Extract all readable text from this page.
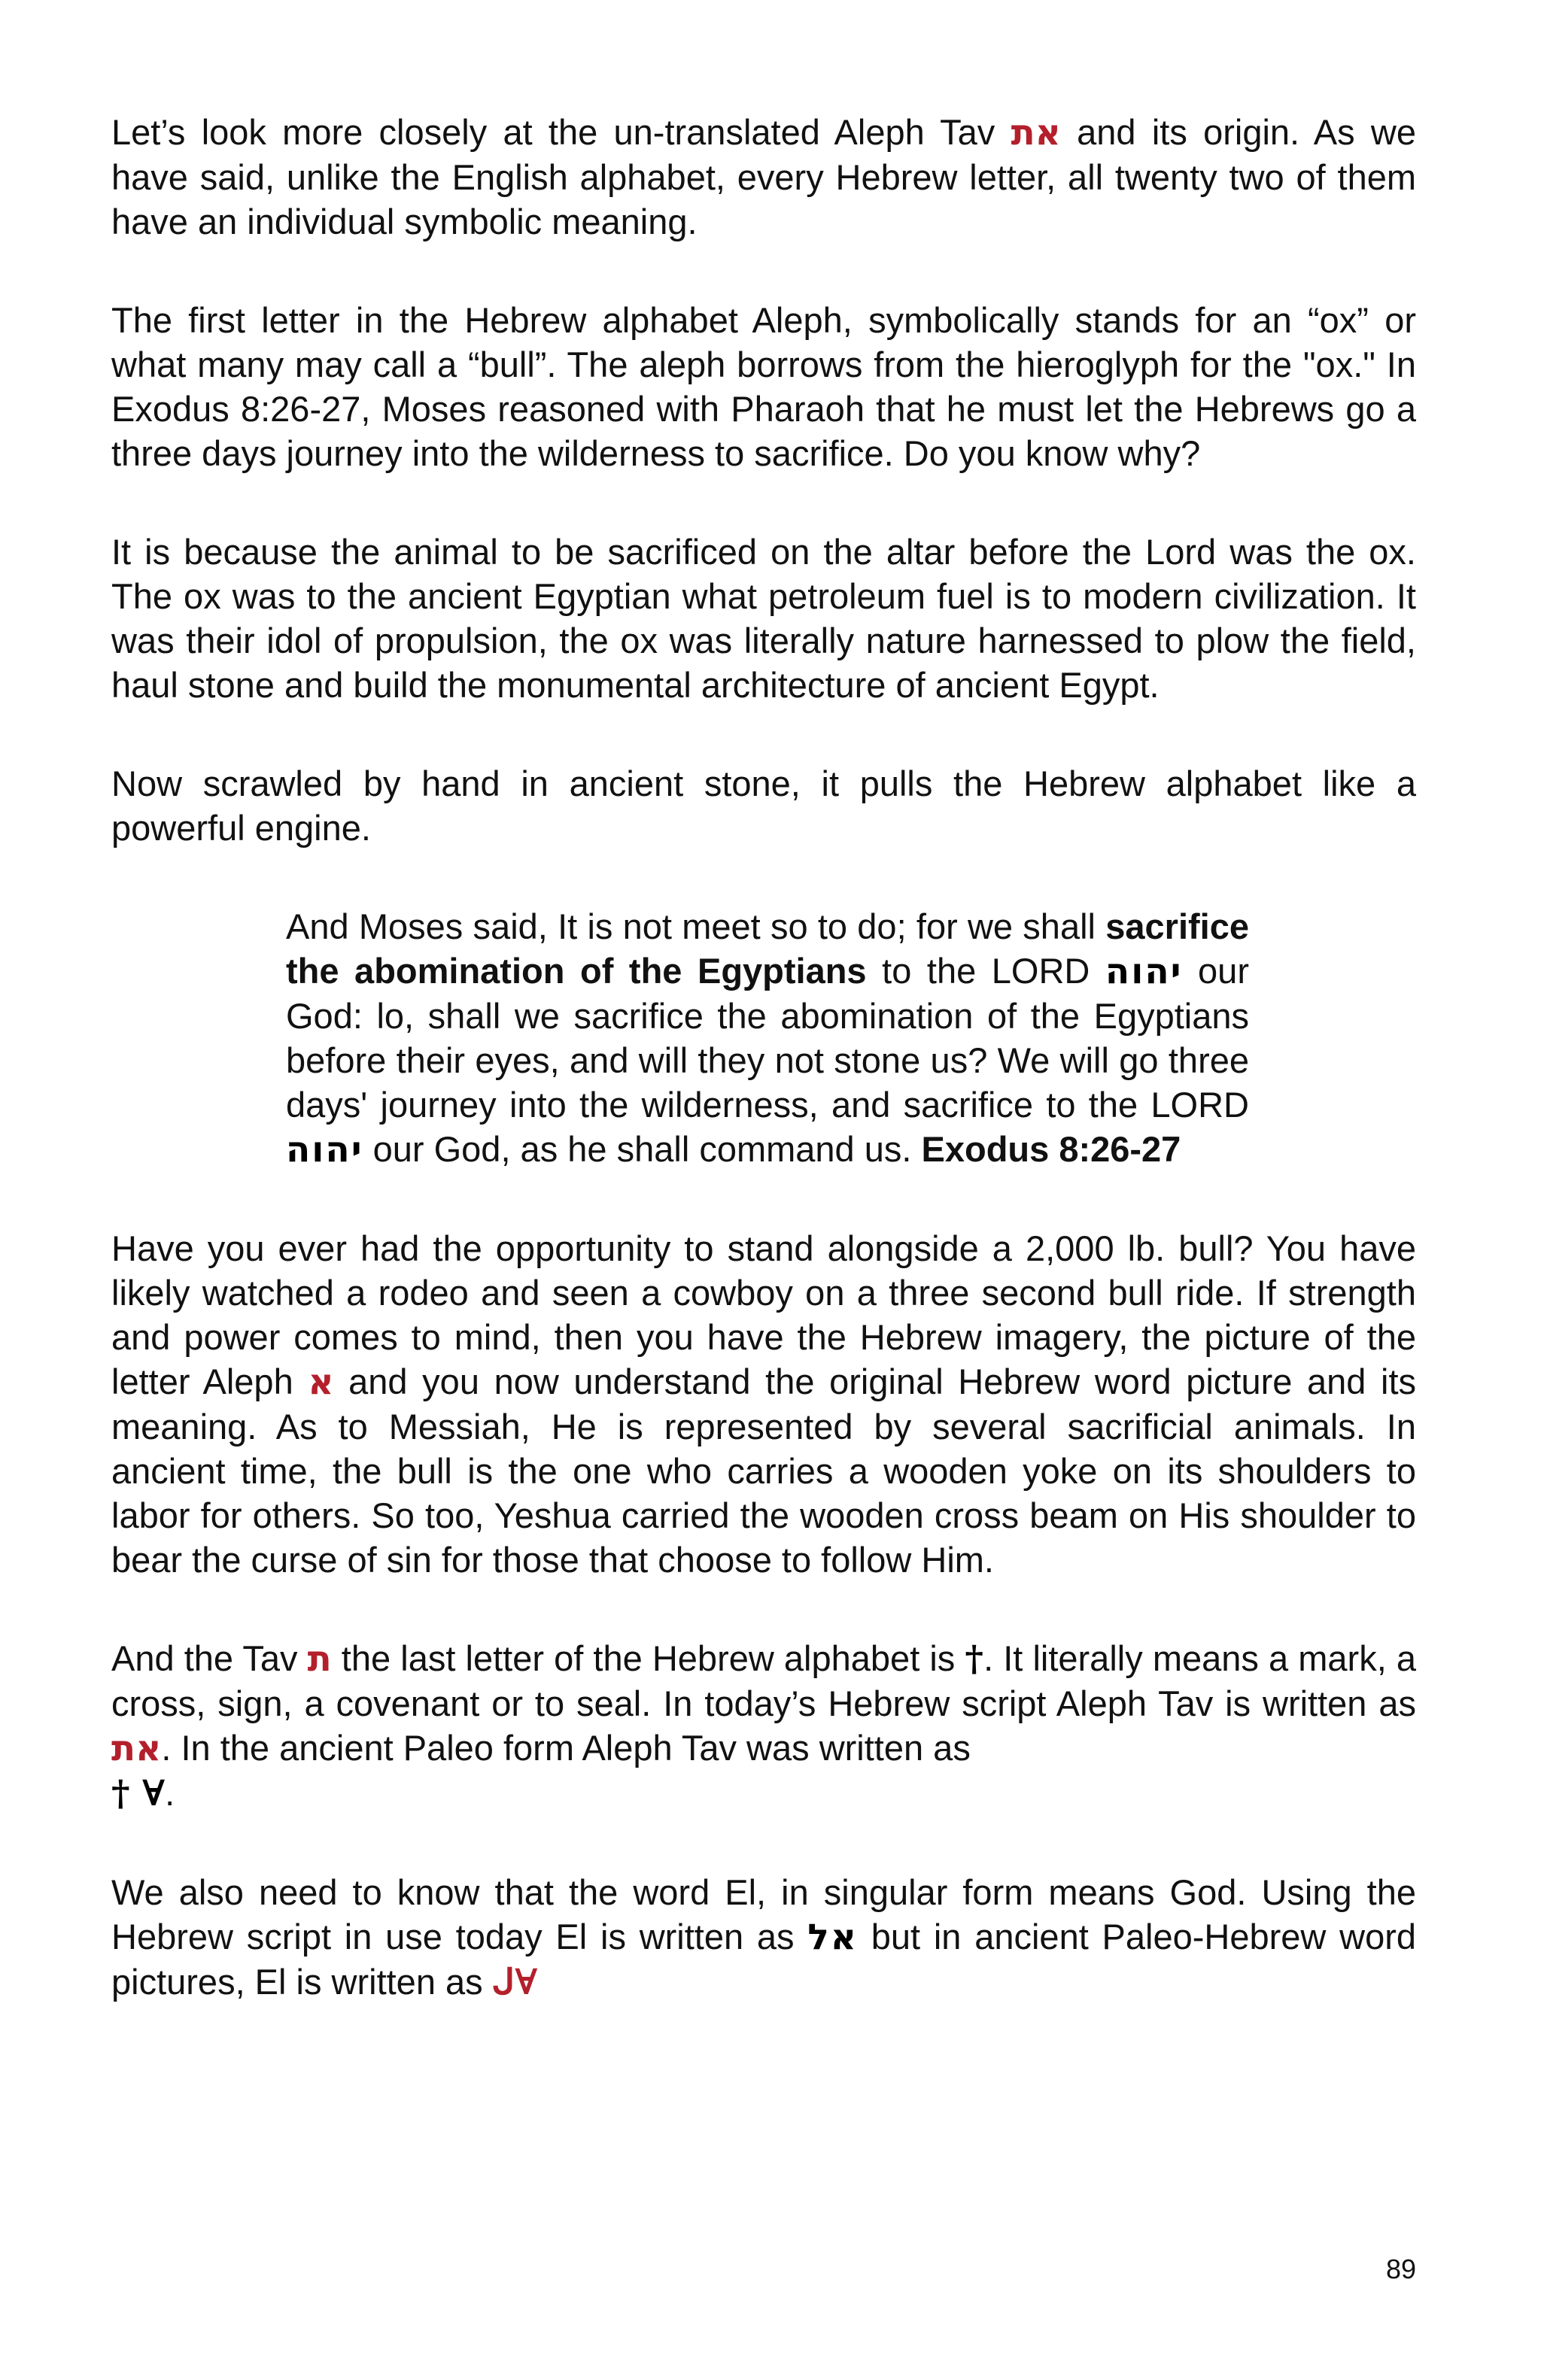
Let’s look more closely at the un-translated Aleph Tav את and its origin. As we have said, unlike the English alphabet, every Hebrew letter, all twenty two of them have an individual symbolic meaning.

The first letter in the Hebrew alphabet Aleph, symbolically stands for an “ox” or what many may call a “bull”. The aleph borrows from the hieroglyph for the "ox." In Exodus 8:26-27, Moses reasoned with Pharaoh that he must let the Hebrews go a three days journey into the wilderness to sacrifice. Do you know why?

It is because the animal to be sacrificed on the altar before the Lord was the ox. The ox was to the ancient Egyptian what petroleum fuel is to modern civilization. It was their idol of propulsion, the ox was literally nature harnessed to plow the field, haul stone and build the monumental architecture of ancient Egypt.

Now scrawled by hand in ancient stone, it pulls the Hebrew alphabet like a powerful engine.

And Moses said, It is not meet so to do; for we shall sacrifice the abomination of the Egyptians to the LORD יהוה our God: lo, shall we sacrifice the abomination of the Egyptians before their eyes, and will they not stone us? We will go three days' journey into the wilderness, and sacrifice to the LORD יהוה our God, as he shall command us. Exodus 8:26-27

Have you ever had the opportunity to stand alongside a 2,000 lb. bull? You have likely watched a rodeo and seen a cowboy on a three second bull ride. If strength and power comes to mind, then you have the Hebrew imagery, the picture of the letter Aleph א and you now understand the original Hebrew word picture and its meaning. As to Messiah, He is represented by several sacrificial animals. In ancient time, the bull is the one who carries a wooden yoke on its shoulders to labor for others. So too, Yeshua carried the wooden cross beam on His shoulder to bear the curse of sin for those that choose to follow Him.

And the Tav ת the last letter of the Hebrew alphabet is †. It literally means a mark, a cross, sign, a covenant or to seal. In today’s Hebrew script Aleph Tav is written as את. In the ancient Paleo form Aleph Tav was written as
† ∀.

We also need to know that the word El, in singular form means God. Using the Hebrew script in use today El is written as אל but in ancient Paleo-Hebrew word pictures, El is written as ᒍ∀

89
